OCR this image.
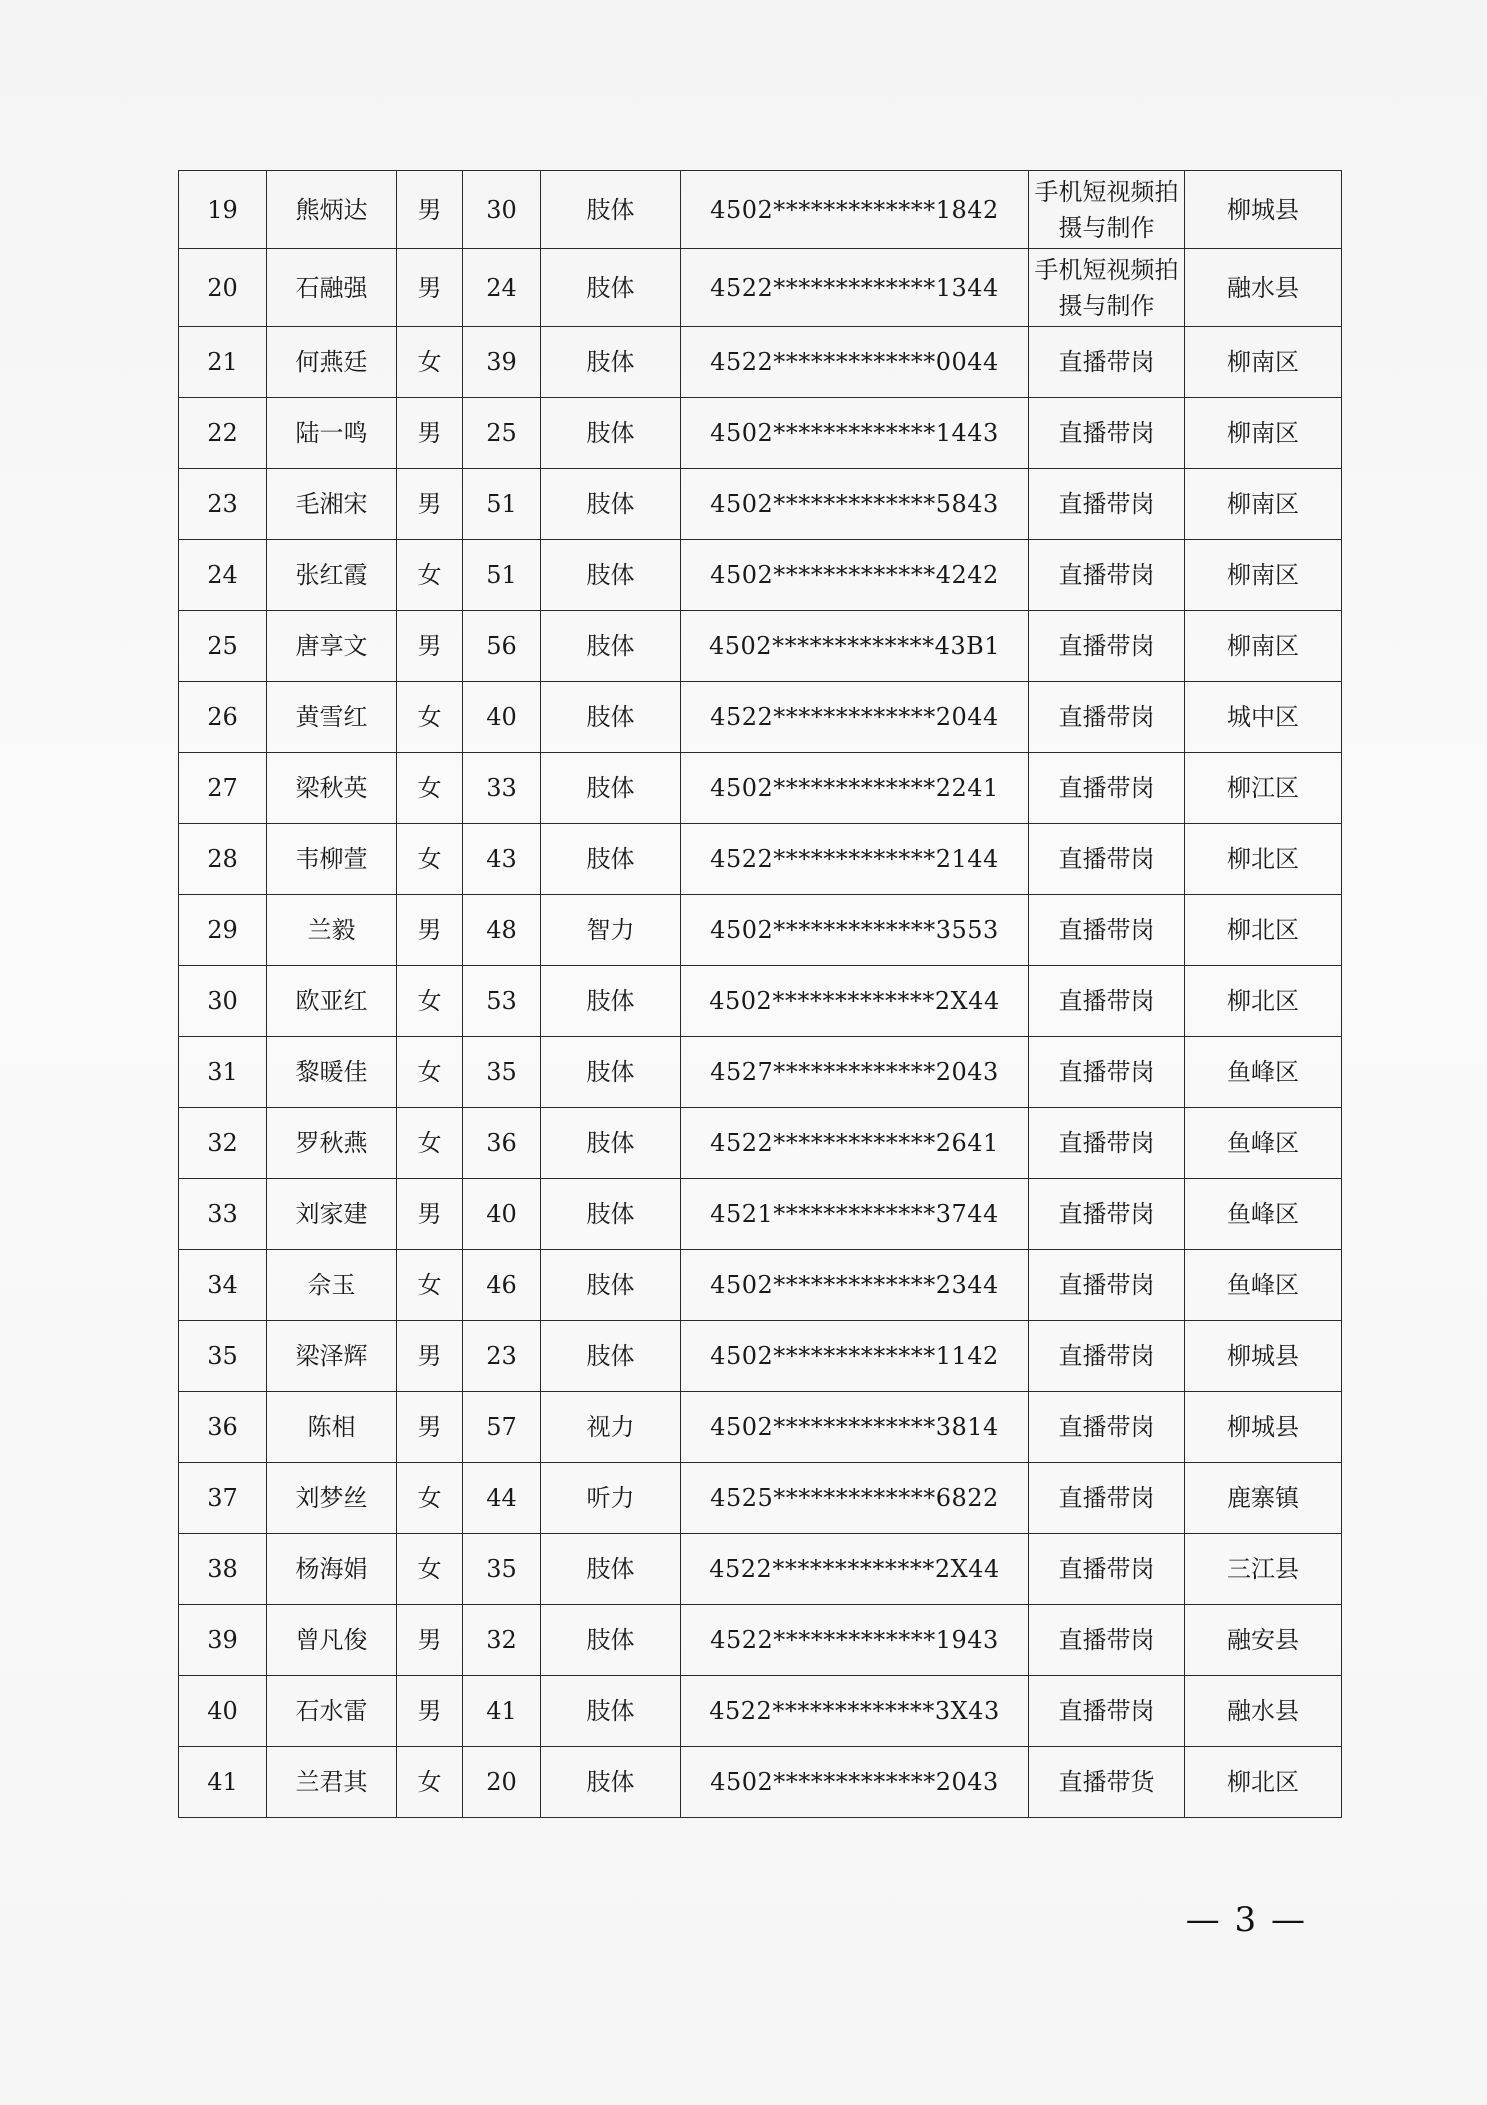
19	熊炳达	男	30	肢体	4502*************1842	手机短视频拍摄与制作	柳城县
20	石融强	男	24	肢体	4522*************1344	手机短视频拍摄与制作	融水县
21	何燕廷	女	39	肢体	4522*************0044	直播带岗	柳南区
22	陆一鸣	男	25	肢体	4502*************1443	直播带岗	柳南区
23	毛湘宋	男	51	肢体	4502*************5843	直播带岗	柳南区
24	张红霞	女	51	肢体	4502*************4242	直播带岗	柳南区
25	唐享文	男	56	肢体	4502*************43B1	直播带岗	柳南区
26	黄雪红	女	40	肢体	4522*************2044	直播带岗	城中区
27	梁秋英	女	33	肢体	4502*************2241	直播带岗	柳江区
28	韦柳萱	女	43	肢体	4522*************2144	直播带岗	柳北区
29	兰毅	男	48	智力	4502*************3553	直播带岗	柳北区
30	欧亚红	女	53	肢体	4502*************2X44	直播带岗	柳北区
31	黎暖佳	女	35	肢体	4527*************2043	直播带岗	鱼峰区
32	罗秋燕	女	36	肢体	4522*************2641	直播带岗	鱼峰区
33	刘家建	男	40	肢体	4521*************3744	直播带岗	鱼峰区
34	佘玉	女	46	肢体	4502*************2344	直播带岗	鱼峰区
35	梁泽辉	男	23	肢体	4502*************1142	直播带岗	柳城县
36	陈相	男	57	视力	4502*************3814	直播带岗	柳城县
37	刘梦丝	女	44	听力	4525*************6822	直播带岗	鹿寨镇
38	杨海娟	女	35	肢体	4522*************2X44	直播带岗	三江县
39	曾凡俊	男	32	肢体	4522*************1943	直播带岗	融安县
40	石水雷	男	41	肢体	4522*************3X43	直播带岗	融水县
41	兰君其	女	20	肢体	4502*************2043	直播带货	柳北区
— 3 —
